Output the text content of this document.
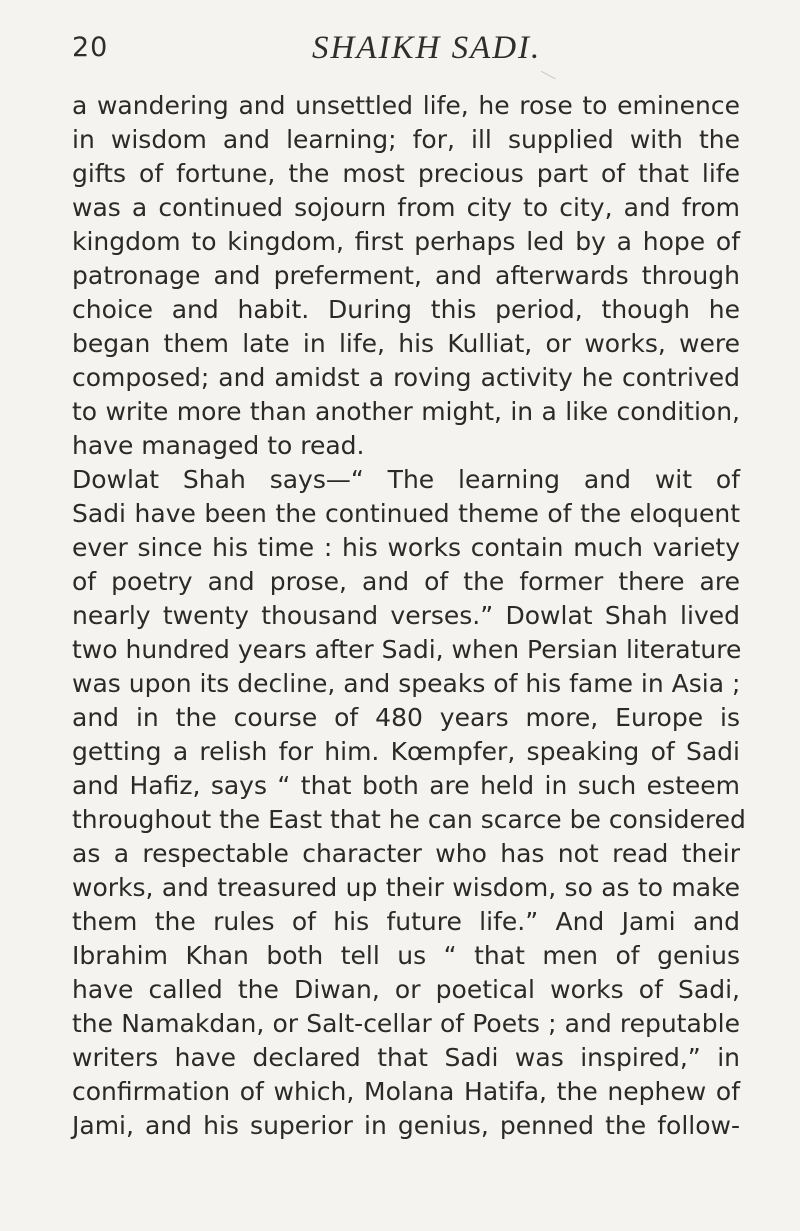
20	SHAIKH SADI.
a wandering and unsettled life, he rose to eminence
in wisdom and learning; for, ill supplied with the
gifts of fortune, the most precious part of that life
was a continued sojourn from city to city, and from
kingdom to kingdom, first perhaps led by a hope of
patronage and preferment, and afterwards through
choice and habit. During this period, though he
began them late in life, his Kulliat, or works, were
composed; and amidst a roving activity he contrived
to write more than another might, in a like condition,
have managed to read.
Dowlat Shah says—“ The learning and wit of
Sadi have been the continued theme of the eloquent
ever since his time : his works contain much variety
of poetry and prose, and of the former there are
nearly twenty thousand verses.” Dowlat Shah lived
two hundred years after Sadi, when Persian literature
was upon its decline, and speaks of his fame in Asia ;
and in the course of 480 years more, Europe is
getting a relish for him. Kœmpfer, speaking of Sadi
and Hafiz, says “ that both are held in such esteem
throughout the East that he can scarce be considered
as a respectable character who has not read their
works, and treasured up their wisdom, so as to make
them the rules of his future life.” And Jami and
Ibrahim Khan both tell us “ that men of genius
have called the Diwan, or poetical works of Sadi,
the Namakdan, or Salt-cellar of Poets ; and reputable
writers have declared that Sadi was inspired,” in
confirmation of which, Molana Hatifa, the nephew of
Jami, and his superior in genius, penned the follow-
